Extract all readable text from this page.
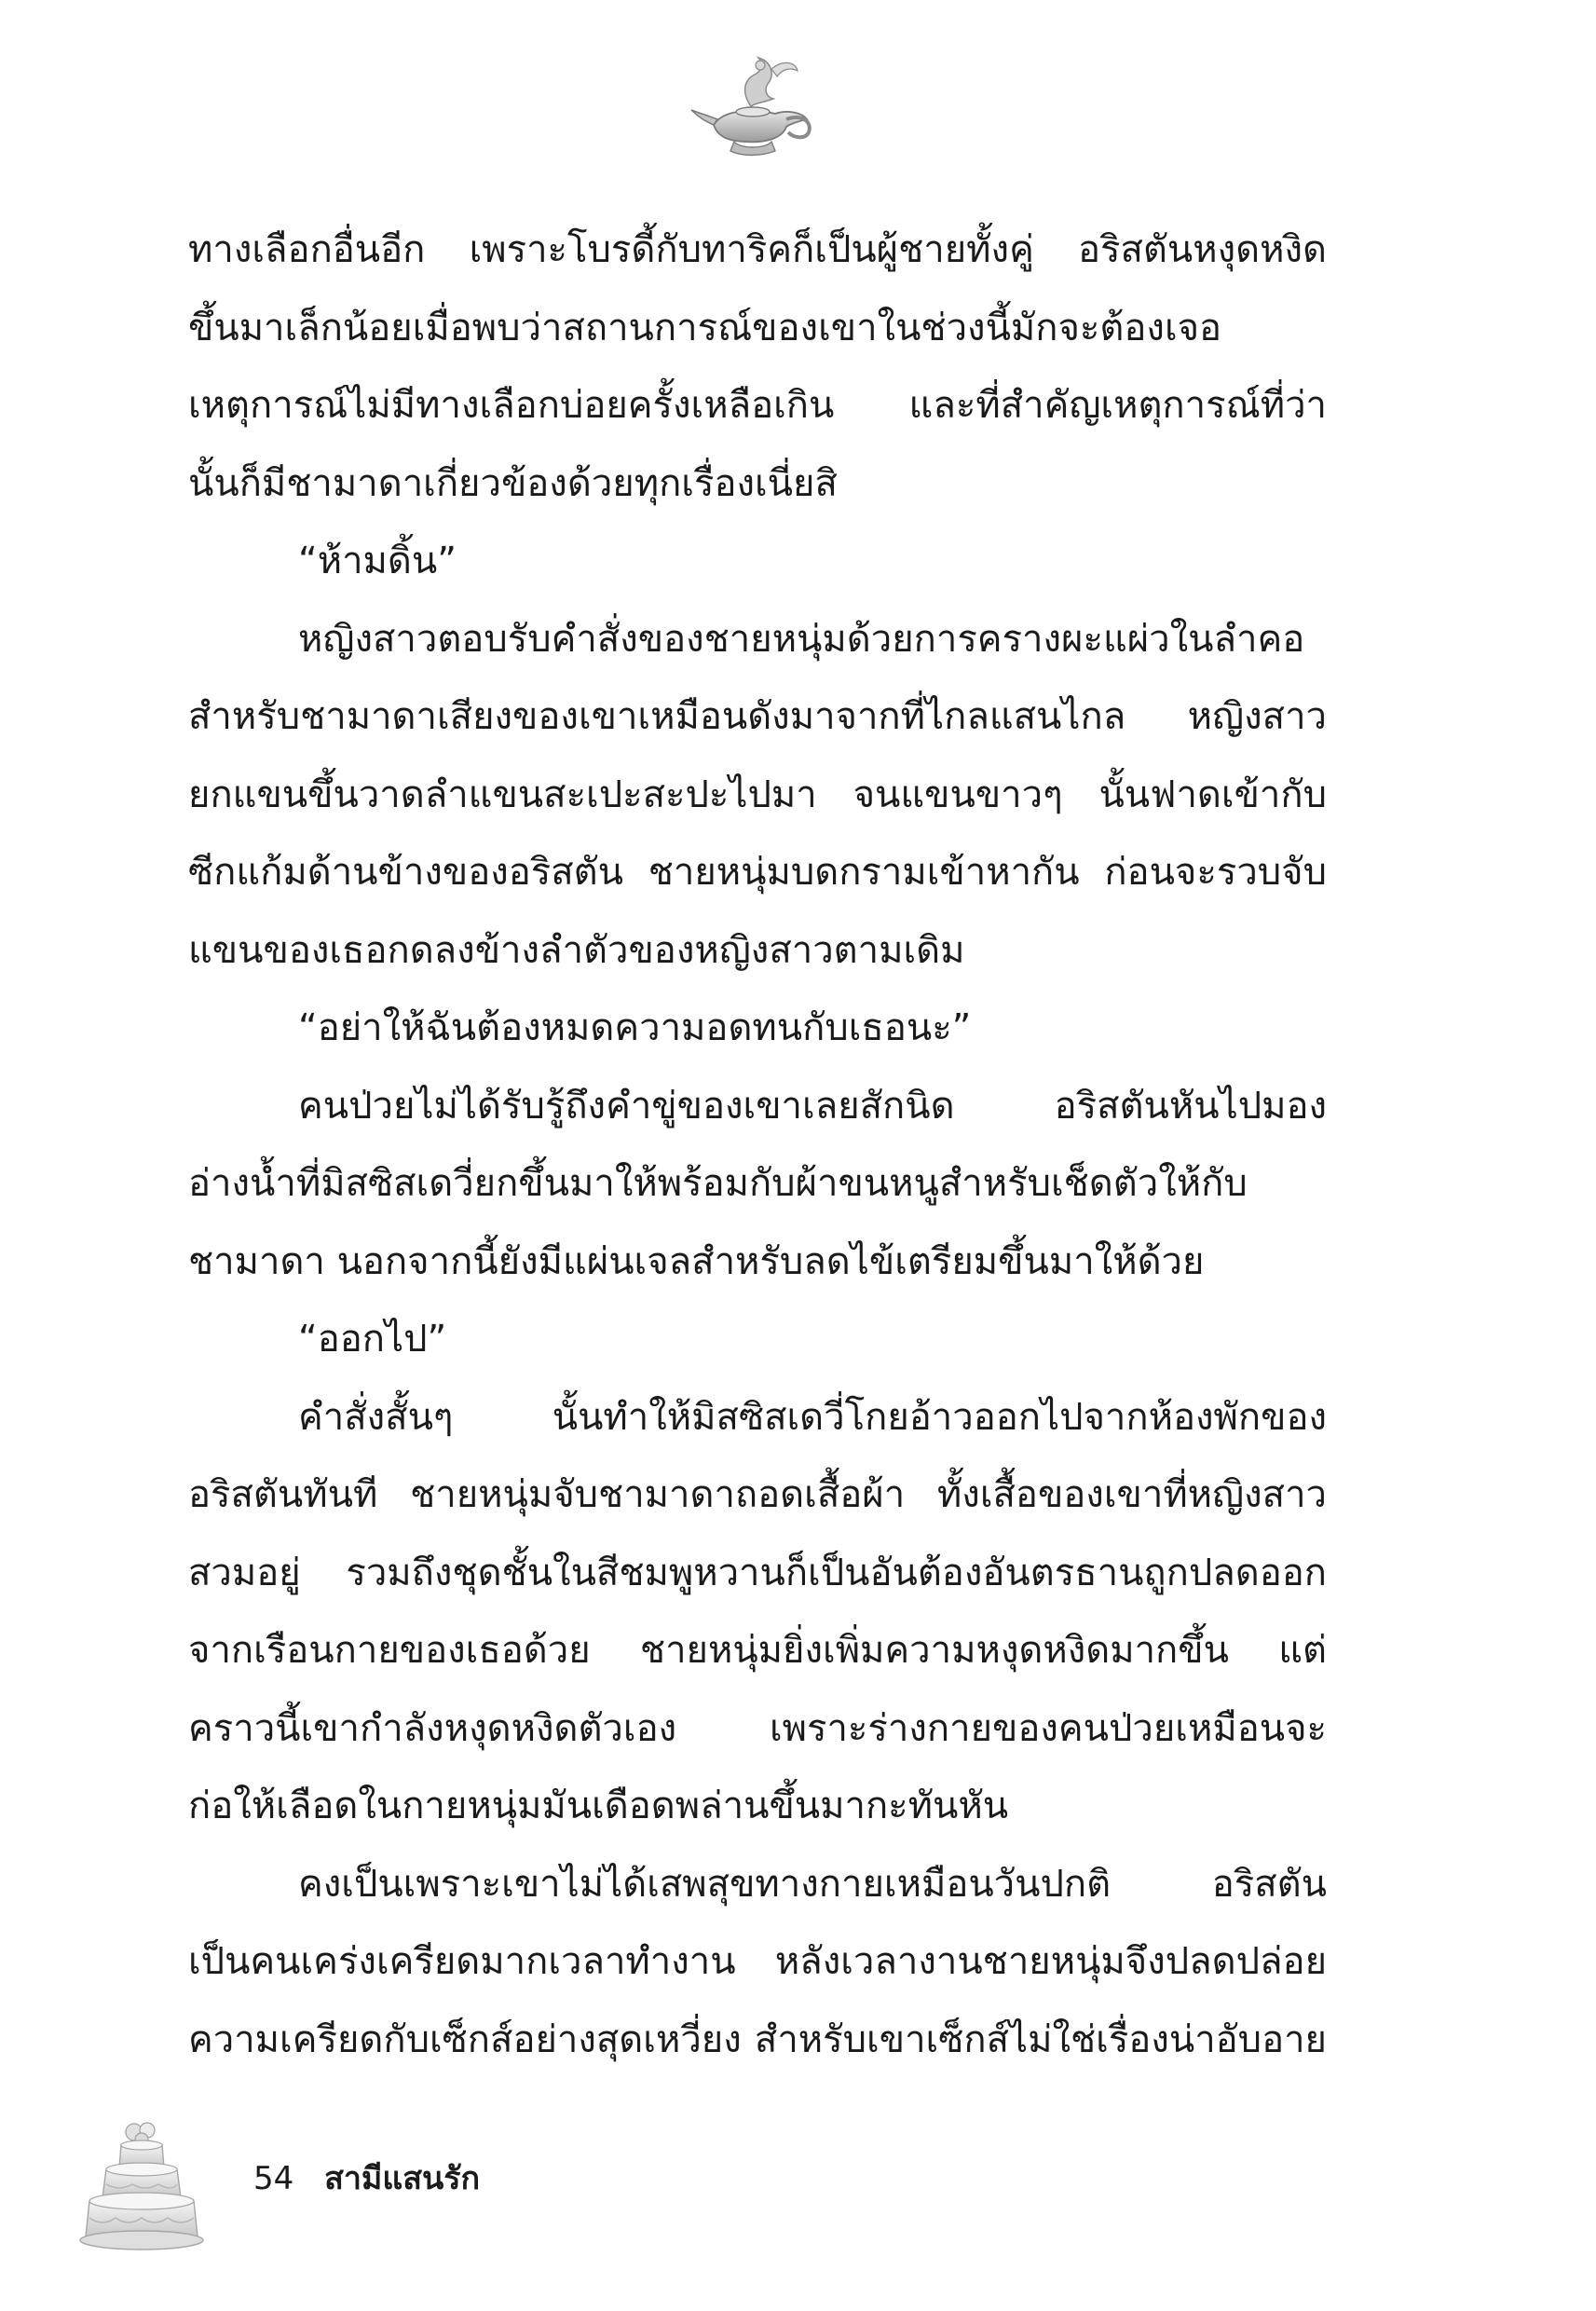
ทางเลือกอื่นอีก เพราะโบรดี้กับทาริคก็เป็นผู้ชายทั้งคู่ อริสตันหงุดหงิด
ขึ้นมาเล็กน้อยเมื่อพบว่าสถานการณ์ของเขาในช่วงนี้มักจะต้องเจอ
เหตุการณ์ไม่มีทางเลือกบ่อยครั้งเหลือเกิน และที่สำคัญเหตุการณ์ที่ว่า
นั้นก็มีชามาดาเกี่ยวข้องด้วยทุกเรื่องเนี่ยสิ
“ห้ามดิ้น”
หญิงสาวตอบรับคำสั่งของชายหนุ่มด้วยการครางผะแผ่วในลำคอ
สำหรับชามาดาเสียงของเขาเหมือนดังมาจากที่ไกลแสนไกล หญิงสาว
ยกแขนขึ้นวาดลำแขนสะเปะสะปะไปมา จนแขนขาวๆ นั้นฟาดเข้ากับ
ซีกแก้มด้านข้างของอริสตัน ชายหนุ่มบดกรามเข้าหากัน ก่อนจะรวบจับ
แขนของเธอกดลงข้างลำตัวของหญิงสาวตามเดิม
“อย่าให้ฉันต้องหมดความอดทนกับเธอนะ”
คนป่วยไม่ได้รับรู้ถึงคำขู่ของเขาเลยสักนิด อริสตันหันไปมอง
อ่างน้ำที่มิสซิสเดวี่ยกขึ้นมาให้พร้อมกับผ้าขนหนูสำหรับเช็ดตัวให้กับ
ชามาดา นอกจากนี้ยังมีแผ่นเจลสำหรับลดไข้เตรียมขึ้นมาให้ด้วย
“ออกไป”
คำสั่งสั้นๆ นั้นทำให้มิสซิสเดวี่โกยอ้าวออกไปจากห้องพักของ
อริสตันทันที ชายหนุ่มจับชามาดาถอดเสื้อผ้า ทั้งเสื้อของเขาที่หญิงสาว
สวมอยู่ รวมถึงชุดชั้นในสีชมพูหวานก็เป็นอันต้องอันตรธานถูกปลดออก
จากเรือนกายของเธอด้วย ชายหนุ่มยิ่งเพิ่มความหงุดหงิดมากขึ้น แต่
คราวนี้เขากำลังหงุดหงิดตัวเอง เพราะร่างกายของคนป่วยเหมือนจะ
ก่อให้เลือดในกายหนุ่มมันเดือดพล่านขึ้นมากะทันหัน
คงเป็นเพราะเขาไม่ได้เสพสุขทางกายเหมือนวันปกติ อริสตัน
เป็นคนเคร่งเครียดมากเวลาทำงาน หลังเวลางานชายหนุ่มจึงปลดปล่อย
ความเครียดกับเซ็กส์อย่างสุดเหวี่ยง สำหรับเขาเซ็กส์ไม่ใช่เรื่องน่าอับอาย
54 สามีแสนรัก
